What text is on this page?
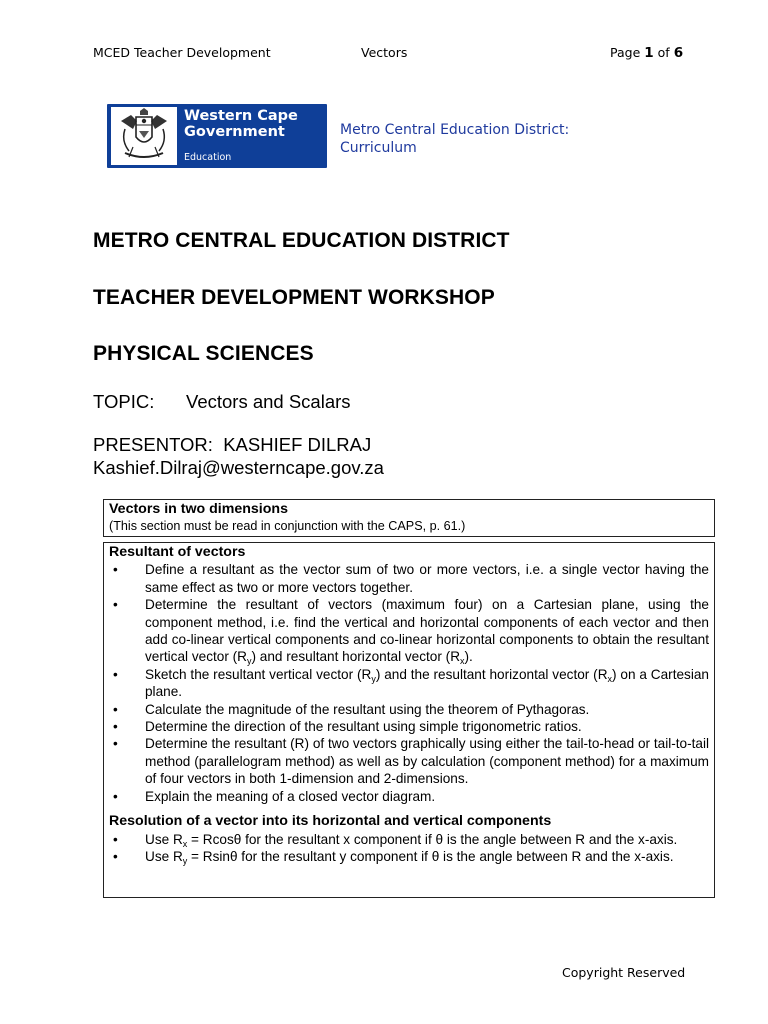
MCED Teacher Development	Vectors	Page 1 of 6
Western Cape
Government
Education
Metro Central Education District:
Curriculum
METRO CENTRAL EDUCATION DISTRICT
TEACHER DEVELOPMENT WORKSHOP
PHYSICAL SCIENCES
TOPIC: Vectors and Scalars
PRESENTOR: KASHIEF DILRAJ
Kashief.Dilraj@westerncape.gov.za
Vectors in two dimensions
(This section must be read in conjunction with the CAPS, p. 61.)
Resultant of vectors
• Define a resultant as the vector sum of two or more vectors, i.e. a single vector having the same effect as two or more vectors together.
• Determine the resultant of vectors (maximum four) on a Cartesian plane, using the component method, i.e. find the vertical and horizontal components of each vector and then add co-linear vertical components and co-linear horizontal components to obtain the resultant vertical vector $(R_y)$ and resultant horizontal vector $(R_x)$.
• Sketch the resultant vertical vector $(R_y)$ and the resultant horizontal vector $(R_x)$ on a Cartesian plane.
• Calculate the magnitude of the resultant using the theorem of Pythagoras.
• Determine the direction of the resultant using simple trigonometric ratios.
• Determine the resultant (R) of two vectors graphically using either the tail-to-head or tail-to-tail method (parallelogram method) as well as by calculation (component method) for a maximum of four vectors in both 1-dimension and 2-dimensions.
• Explain the meaning of a closed vector diagram.
Resolution of a vector into its horizontal and vertical components
• Use $R_x = Rcos\theta$ for the resultant x component if θ is the angle between R and the x-axis.
• Use $R_y = Rsin\theta$ for the resultant y component if θ is the angle between R and the x-axis.
Copyright Reserved
